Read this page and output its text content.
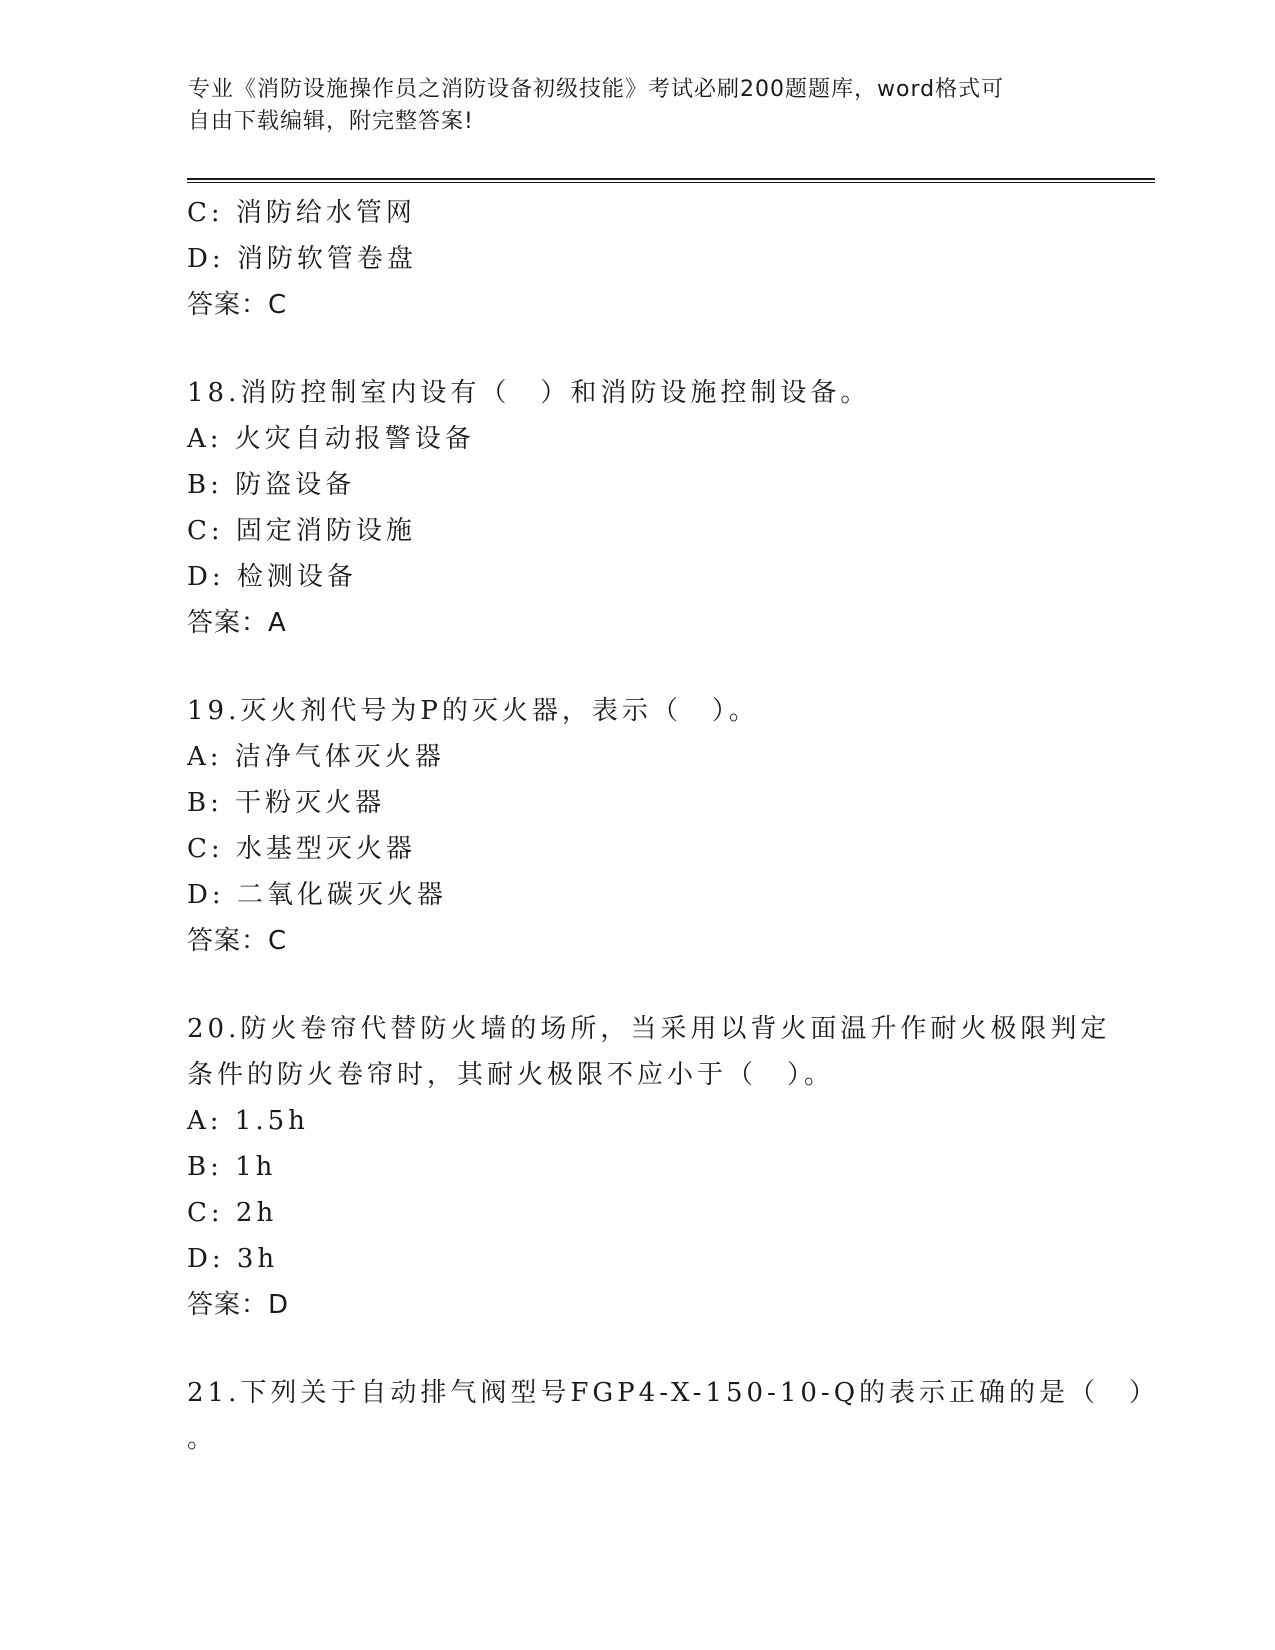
专业《消防设施操作员之消防设备初级技能》考试必刷200题题库，word格式可
自由下载编辑，附完整答案!
C: 消防给水管网
D: 消防软管卷盘
答案：C
18.消防控制室内设有（　）和消防设施控制设备。
A: 火灾自动报警设备
B: 防盗设备
C: 固定消防设施
D: 检测设备
答案：A
19.灭火剂代号为P的灭火器，表示（　）。
A: 洁净气体灭火器
B: 干粉灭火器
C: 水基型灭火器
D: 二氧化碳灭火器
答案：C
20.防火卷帘代替防火墙的场所，当采用以背火面温升作耐火极限判定
条件的防火卷帘时，其耐火极限不应小于（　）。
A: 1.5h
B: 1h
C: 2h
D: 3h
答案：D
21.下列关于自动排气阀型号FGP4-X-150-10-Q的表示正确的是（　）
。
